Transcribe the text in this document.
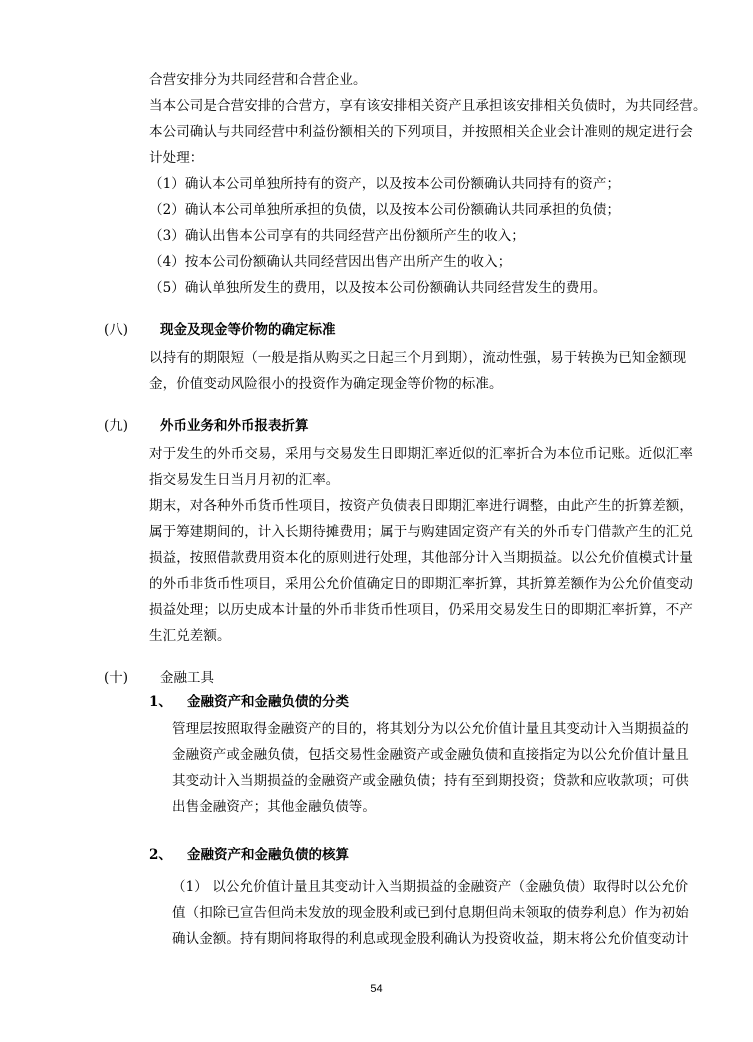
合营安排分为共同经营和合营企业。
当本公司是合营安排的合营方，享有该安排相关资产且承担该安排相关负债时，为共同经营。
本公司确认与共同经营中利益份额相关的下列项目，并按照相关企业会计准则的规定进行会
计处理：
（1）确认本公司单独所持有的资产，以及按本公司份额确认共同持有的资产；
（2）确认本公司单独所承担的负债，以及按本公司份额确认共同承担的负债；
（3）确认出售本公司享有的共同经营产出份额所产生的收入；
（4）按本公司份额确认共同经营因出售产出所产生的收入；
（5）确认单独所发生的费用，以及按本公司份额确认共同经营发生的费用。
(八) 现金及现金等价物的确定标准
以持有的期限短（一般是指从购买之日起三个月到期），流动性强，易于转换为已知金额现
金，价值变动风险很小的投资作为确定现金等价物的标准。
(九) 外币业务和外币报表折算
对于发生的外币交易，采用与交易发生日即期汇率近似的汇率折合为本位币记账。近似汇率
指交易发生日当月月初的汇率。
期末，对各种外币货币性项目，按资产负债表日即期汇率进行调整，由此产生的折算差额，
属于筹建期间的，计入长期待摊费用；属于与购建固定资产有关的外币专门借款产生的汇兑
损益，按照借款费用资本化的原则进行处理，其他部分计入当期损益。以公允价值模式计量
的外币非货币性项目，采用公允价值确定日的即期汇率折算，其折算差额作为公允价值变动
损益处理；以历史成本计量的外币非货币性项目，仍采用交易发生日的即期汇率折算，不产
生汇兑差额。
(十) 金融工具
1、 金融资产和金融负债的分类
管理层按照取得金融资产的目的，将其划分为以公允价值计量且其变动计入当期损益的
金融资产或金融负债，包括交易性金融资产或金融负债和直接指定为以公允价值计量且
其变动计入当期损益的金融资产或金融负债；持有至到期投资；贷款和应收款项；可供
出售金融资产；其他金融负债等。
2、 金融资产和金融负债的核算
（1） 以公允价值计量且其变动计入当期损益的金融资产（金融负债）取得时以公允价
值（扣除已宣告但尚未发放的现金股利或已到付息期但尚未领取的债券利息）作为初始
确认金额。持有期间将取得的利息或现金股利确认为投资收益，期末将公允价值变动计
54
